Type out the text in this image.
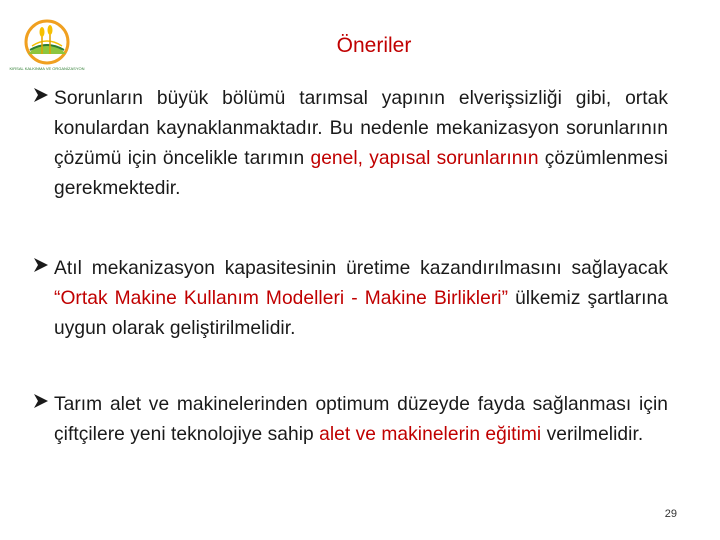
KIRSAL KALKINMA VE ORGANİZASYON
Öneriler
Sorunların büyük bölümü tarımsal yapının elverişsizliği gibi, ortak konulardan kaynaklanmaktadır. Bu nedenle mekanizasyon sorunlarının çözümü için öncelikle tarımın genel, yapısal sorunlarının çözümlenmesi gerekmektedir.
Atıl mekanizasyon kapasitesinin üretime kazandırılmasını sağlayacak “Ortak Makine Kullanım Modelleri - Makine Birlikleri” ülkemiz şartlarına uygun olarak geliştirilmelidir.
Tarım alet ve makinelerinden optimum düzeyde fayda sağlanması için çiftçilere yeni teknolojiye sahip alet ve makinelerin eğitimi verilmelidir.
29
